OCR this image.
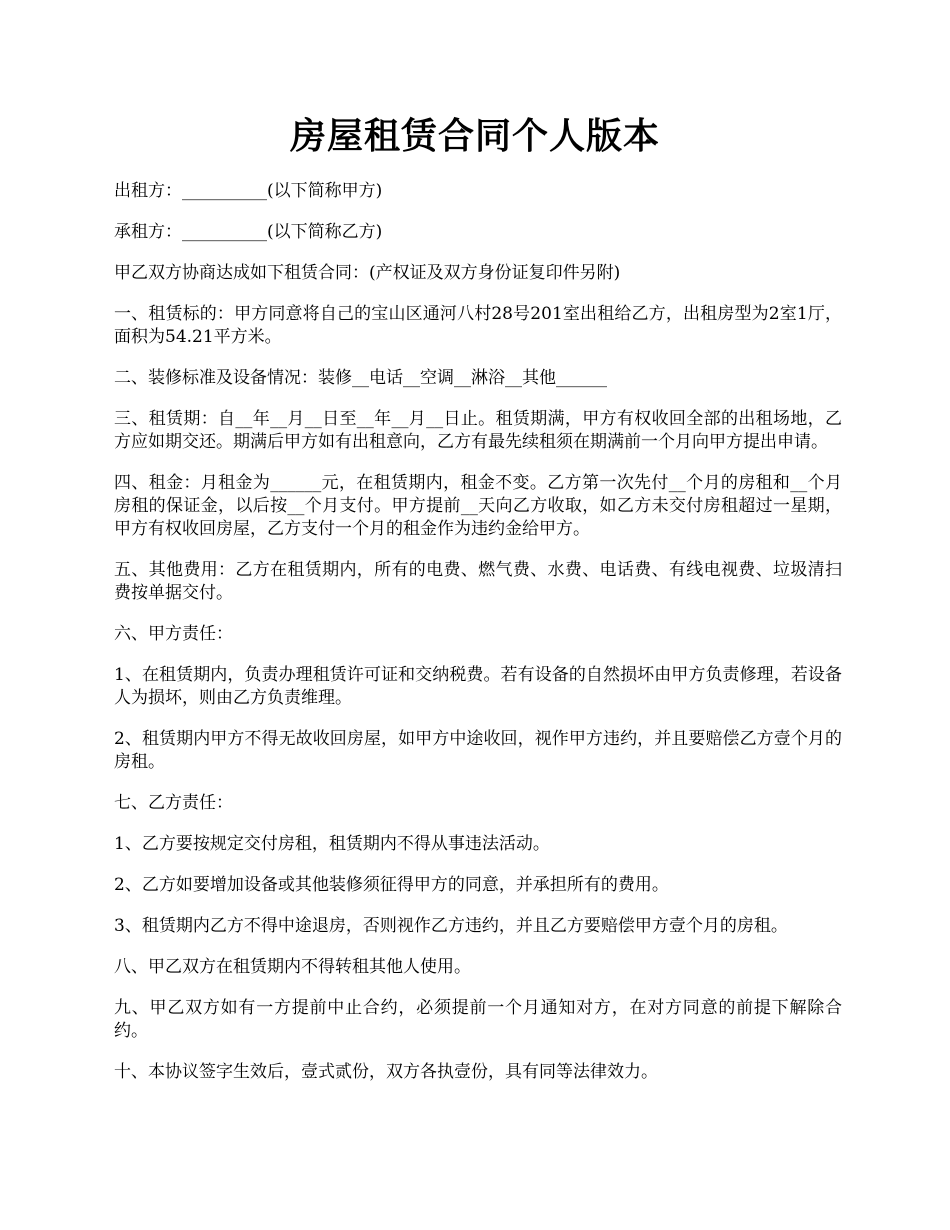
房屋租赁合同个人版本

出租方：__________(以下简称甲方)

承租方：__________(以下简称乙方)

甲乙双方协商达成如下租赁合同：(产权证及双方身份证复印件另附)

一、租赁标的：甲方同意将自己的宝山区通河八村28号201室出租给乙方，出租房型为2室1厅，面积为54.21平方米。

二、装修标准及设备情况：装修__电话__空调__淋浴__其他______

三、租赁期：自__年__月__日至__年__月__日止。租赁期满，甲方有权收回全部的出租场地，乙方应如期交还。期满后甲方如有出租意向，乙方有最先续租须在期满前一个月向甲方提出申请。

四、租金：月租金为______元，在租赁期内，租金不变。乙方第一次先付__个月的房租和__个月房租的保证金，以后按__个月支付。甲方提前__天向乙方收取，如乙方未交付房租超过一星期，甲方有权收回房屋，乙方支付一个月的租金作为违约金给甲方。

五、其他费用：乙方在租赁期内，所有的电费、燃气费、水费、电话费、有线电视费、垃圾清扫费按单据交付。

六、甲方责任：

1、在租赁期内，负责办理租赁许可证和交纳税费。若有设备的自然损坏由甲方负责修理，若设备人为损坏，则由乙方负责维理。

2、租赁期内甲方不得无故收回房屋，如甲方中途收回，视作甲方违约，并且要赔偿乙方壹个月的房租。

七、乙方责任：

1、乙方要按规定交付房租，租赁期内不得从事违法活动。

2、乙方如要增加设备或其他装修须征得甲方的同意，并承担所有的费用。

3、租赁期内乙方不得中途退房，否则视作乙方违约，并且乙方要赔偿甲方壹个月的房租。

八、甲乙双方在租赁期内不得转租其他人使用。

九、甲乙双方如有一方提前中止合约，必须提前一个月通知对方，在对方同意的前提下解除合约。

十、本协议签字生效后，壹式贰份，双方各执壹份，具有同等法律效力。
